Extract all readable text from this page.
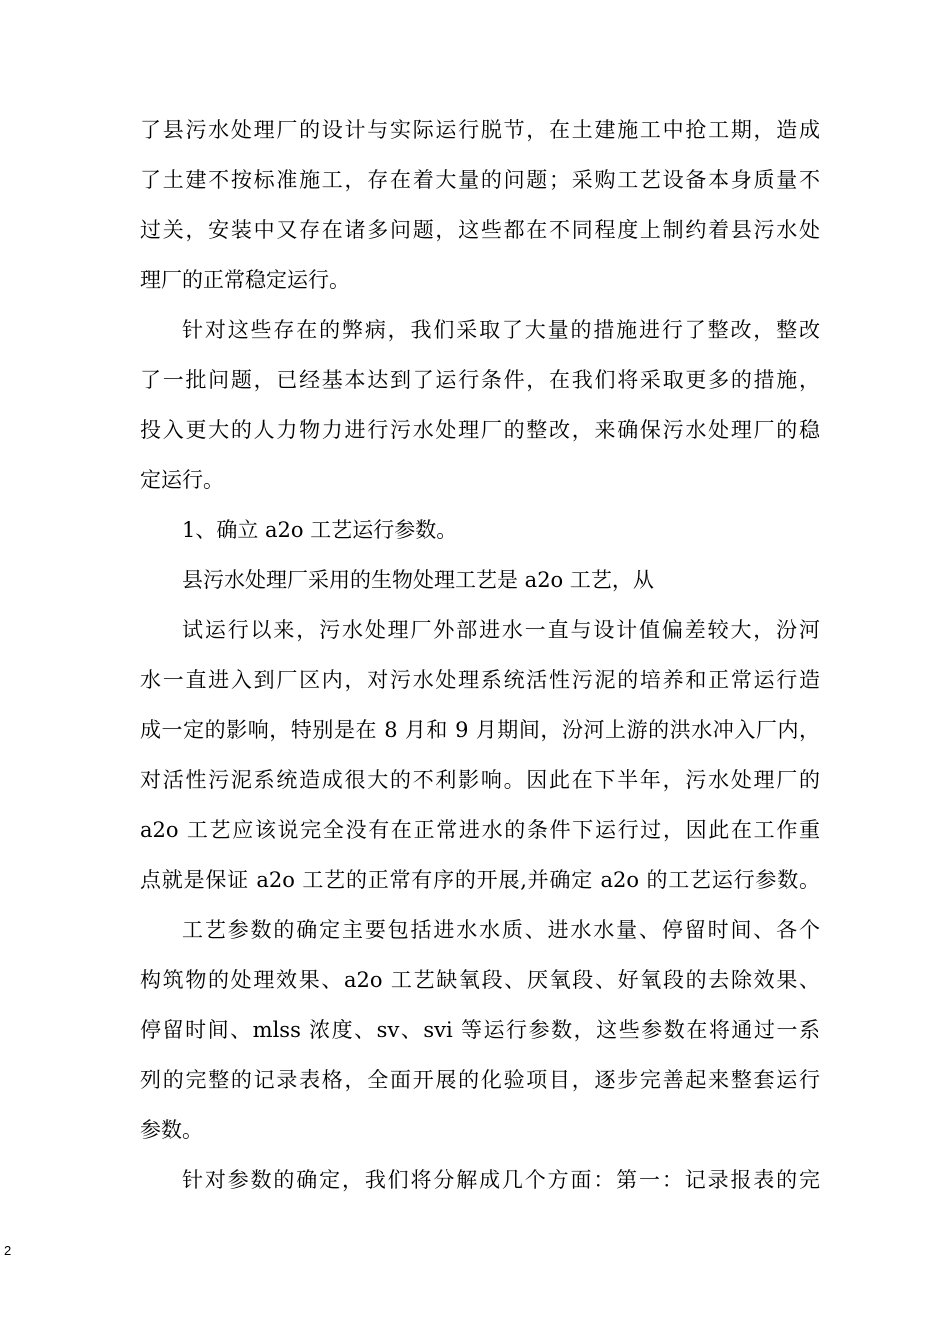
了县污水处理厂的设计与实际运行脱节，在土建施工中抢工期，造成
了土建不按标准施工，存在着大量的问题；采购工艺设备本身质量不
过关，安装中又存在诸多问题，这些都在不同程度上制约着县污水处
理厂的正常稳定运行。
针对这些存在的弊病，我们采取了大量的措施进行了整改，整改
了一批问题，已经基本达到了运行条件，在我们将采取更多的措施，
投入更大的人力物力进行污水处理厂的整改，来确保污水处理厂的稳
定运行。
1、确立 a2o 工艺运行参数。
县污水处理厂采用的生物处理工艺是 a2o 工艺，从
试运行以来，污水处理厂外部进水一直与设计值偏差较大，汾河
水一直进入到厂区内，对污水处理系统活性污泥的培养和正常运行造
成一定的影响，特别是在 8 月和 9 月期间，汾河上游的洪水冲入厂内，
对活性污泥系统造成很大的不利影响。因此在下半年，污水处理厂的
a2o 工艺应该说完全没有在正常进水的条件下运行过，因此在工作重
点就是保证 a2o 工艺的正常有序的开展,并确定 a2o 的工艺运行参数。
工艺参数的确定主要包括进水水质、进水水量、停留时间、各个
构筑物的处理效果、a2o 工艺缺氧段、厌氧段、好氧段的去除效果、
停留时间、mlss 浓度、sv、svi 等运行参数，这些参数在将通过一系
列的完整的记录表格，全面开展的化验项目，逐步完善起来整套运行
参数。
针对参数的确定，我们将分解成几个方面：第一：记录报表的完
2
